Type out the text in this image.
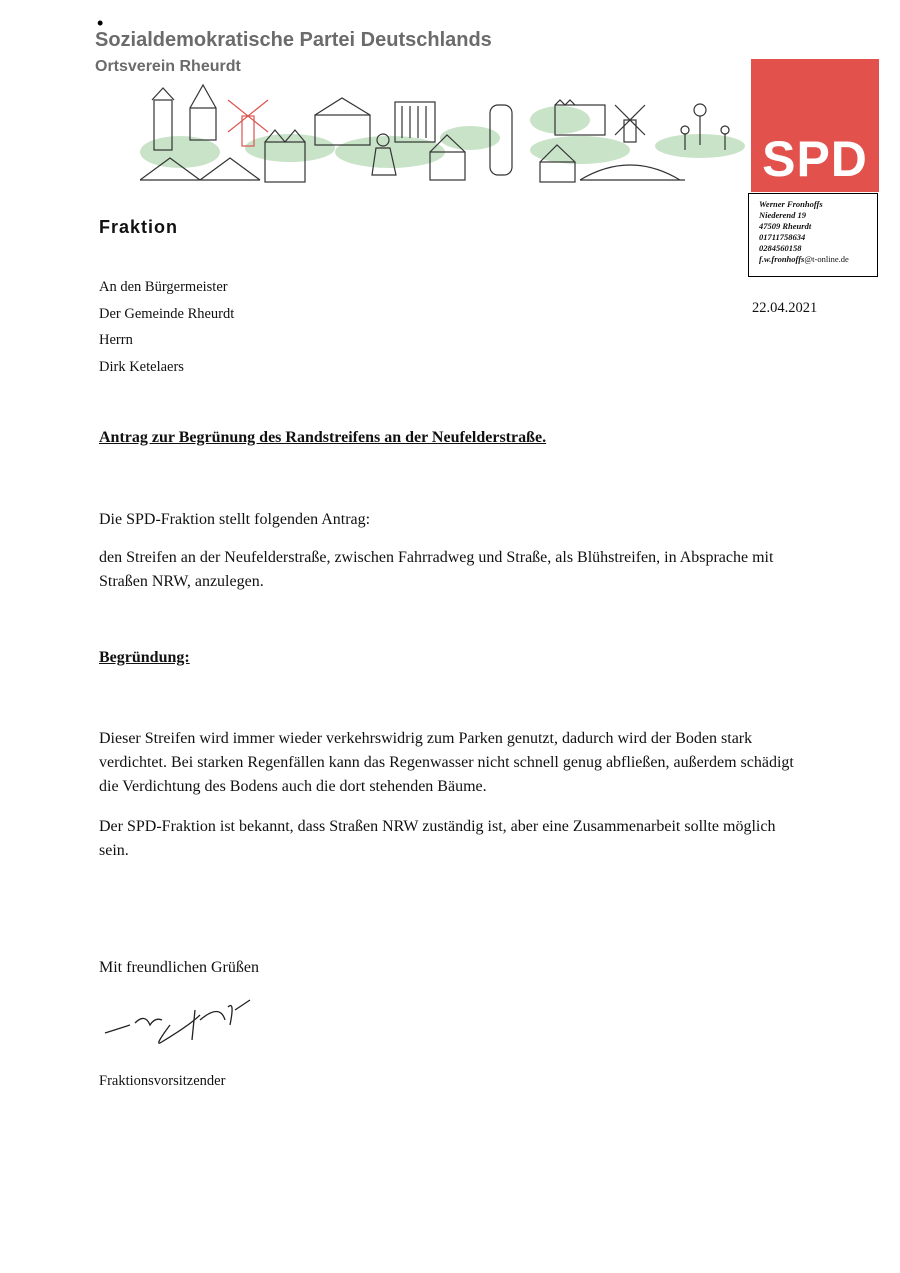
•
Sozialdemokratische Partei Deutschlands
Ortsverein Rheurdt
SPD
Werner Fronhoffs
Niederend 19
47509 Rheurdt
01711758634
0284560158
f.w.fronhoffs@t-online.de
Fraktion
An den Bürgermeister
Der Gemeinde Rheurdt
Herrn
Dirk Ketelaers
22.04.2021
Antrag zur Begrünung des Randstreifens an der Neufelderstraße.
Die SPD-Fraktion stellt folgenden Antrag:
den Streifen an der Neufelderstraße, zwischen Fahrradweg und Straße, als Blühstreifen, in Absprache mit Straßen NRW, anzulegen.
Begründung:
Dieser Streifen wird immer wieder verkehrswidrig zum Parken genutzt, dadurch wird der Boden stark verdichtet. Bei starken Regenfällen kann das Regenwasser nicht schnell genug abfließen, außerdem schädigt die Verdichtung des Bodens auch die dort stehenden Bäume.
Der SPD-Fraktion ist bekannt, dass Straßen NRW zuständig ist, aber eine Zusammenarbeit sollte möglich sein.
Mit freundlichen Grüßen
Fraktionsvorsitzender
